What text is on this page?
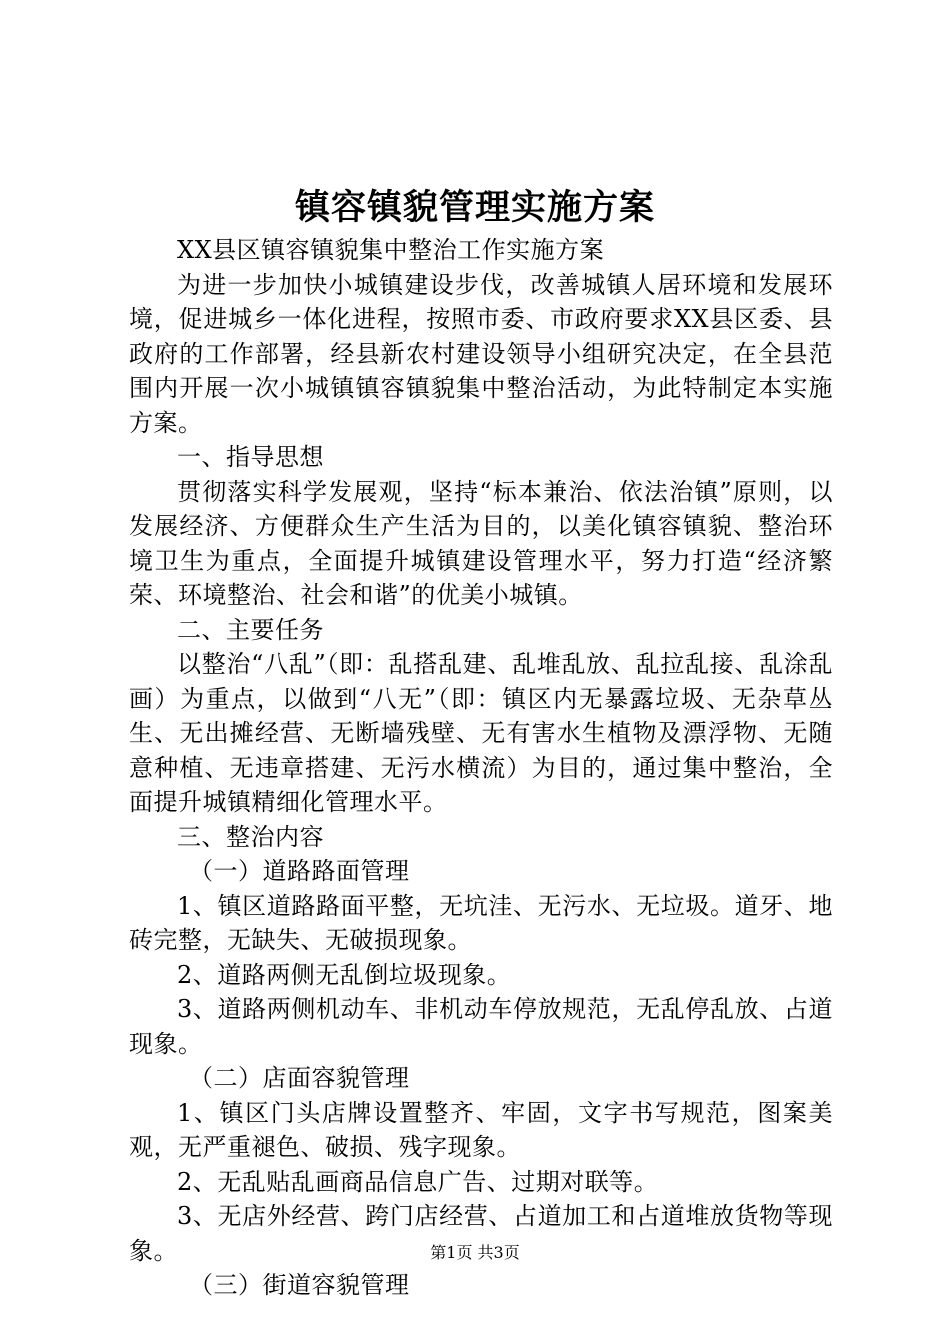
镇容镇貌管理实施方案

XX县区镇容镇貌集中整治工作实施方案

为进一步加快小城镇建设步伐，改善城镇人居环境和发展环境，促进城乡一体化进程，按照市委、市政府要求XX县区委、县政府的工作部署，经县新农村建设领导小组研究决定，在全县范围内开展一次小城镇镇容镇貌集中整治活动，为此特制定本实施方案。

一、指导思想

贯彻落实科学发展观，坚持“标本兼治、依法治镇”原则，以发展经济、方便群众生产生活为目的，以美化镇容镇貌、整治环境卫生为重点，全面提升城镇建设管理水平，努力打造“经济繁荣、环境整治、社会和谐”的优美小城镇。

二、主要任务

以整治“八乱”（即：乱搭乱建、乱堆乱放、乱拉乱接、乱涂乱画）为重点，以做到“八无”（即：镇区内无暴露垃圾、无杂草丛生、无出摊经营、无断墙残壁、无有害水生植物及漂浮物、无随意种植、无违章搭建、无污水横流）为目的，通过集中整治，全面提升城镇精细化管理水平。

三、整治内容

（一）道路路面管理

1、镇区道路路面平整，无坑洼、无污水、无垃圾。道牙、地砖完整，无缺失、无破损现象。

2、道路两侧无乱倒垃圾现象。

3、道路两侧机动车、非机动车停放规范，无乱停乱放、占道现象。

（二）店面容貌管理

1、镇区门头店牌设置整齐、牢固，文字书写规范，图案美观，无严重褪色、破损、残字现象。

2、无乱贴乱画商品信息广告、过期对联等。

3、无店外经营、跨门店经营、占道加工和占道堆放货物等现象。

（三）街道容貌管理

第1页 共3页
